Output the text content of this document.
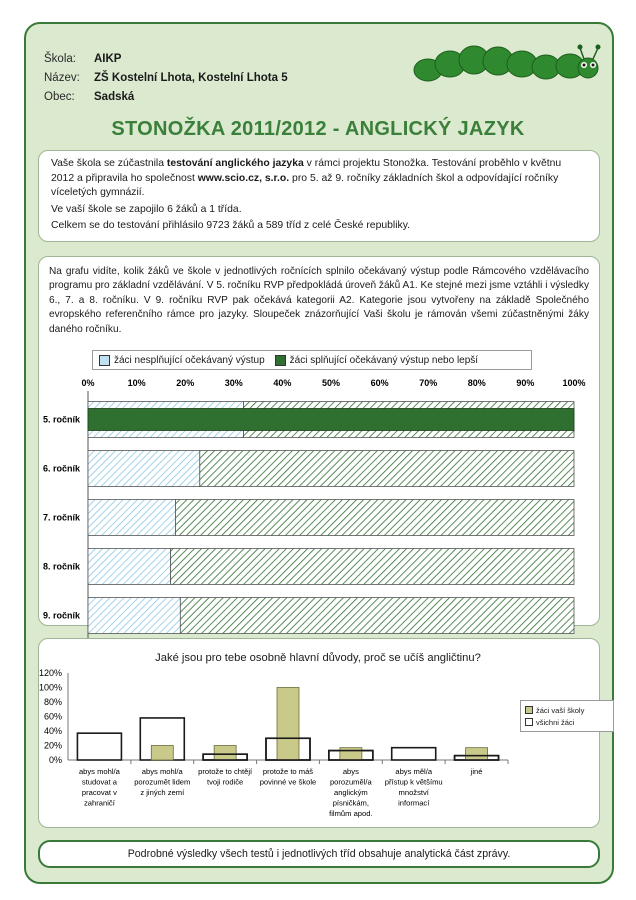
Škola:	AIKP
Název:	ZŠ Kostelní Lhota, Kostelní Lhota 5
Obec:	Sadská
STONOŽKA 2011/2012 - ANGLICKÝ JAZYK

Vaše škola se zúčastnila testování anglického jazyka v rámci projektu Stonožka. Testování proběhlo v květnu 2012 a připravila ho společnost www.scio.cz, s.r.o. pro 5. až 9. ročníky základních škol a odpovídající ročníky víceletých gymnázií.

Ve vaší škole se zapojilo 6 žáků a 1 třída.

Celkem se do testování přihlásilo 9723 žáků a 589 tříd z celé České republiky.

Na grafu vidíte, kolik žáků ve škole v jednotlivých ročnících splnilo očekávaný výstup podle Rámcového vzdělávacího programu pro základní vzdělávání. V 5. ročníku RVP předpokládá úroveň žáků A1. Ke stejné mezi jsme vztáhli i výsledky 6., 7. a 8. ročníku. V 9. ročníku RVP pak očekává kategorii A2. Kategorie jsou vytvořeny na základě Společného evropského referenčního rámce pro jazyky. Sloupeček znázorňující Vaši školu je rámován všemi zúčastněnými žáky daného ročníku.
žáci nesplňující očekávaný výstup	žáci splňující očekávaný výstup nebo lepší
0%	10%	20%	30%	40%	50%	60%	70%	80%	90%	100%
5. ročník
6. ročník
7. ročník
8. ročník
9. ročník
Jaké jsou pro tebe osobně hlavní důvody, proč se učíš angličtinu?
0%
20%
40%
60%
80%
100%
120%
abys mohl/a studovat a pracovat v zahraničí
abys mohl/a porozumět lidem z jiných zemí
protože to chtějí tvoji rodiče
protože to máš povinné ve škole
abys porozuměl/a anglickým písničkám, filmům apod.
abys měl/a přístup k většímu množství informací
jiné
žáci vaší školy
všichni žáci
Podrobné výsledky všech testů i jednotlivých tříd obsahuje analytická část zprávy.
